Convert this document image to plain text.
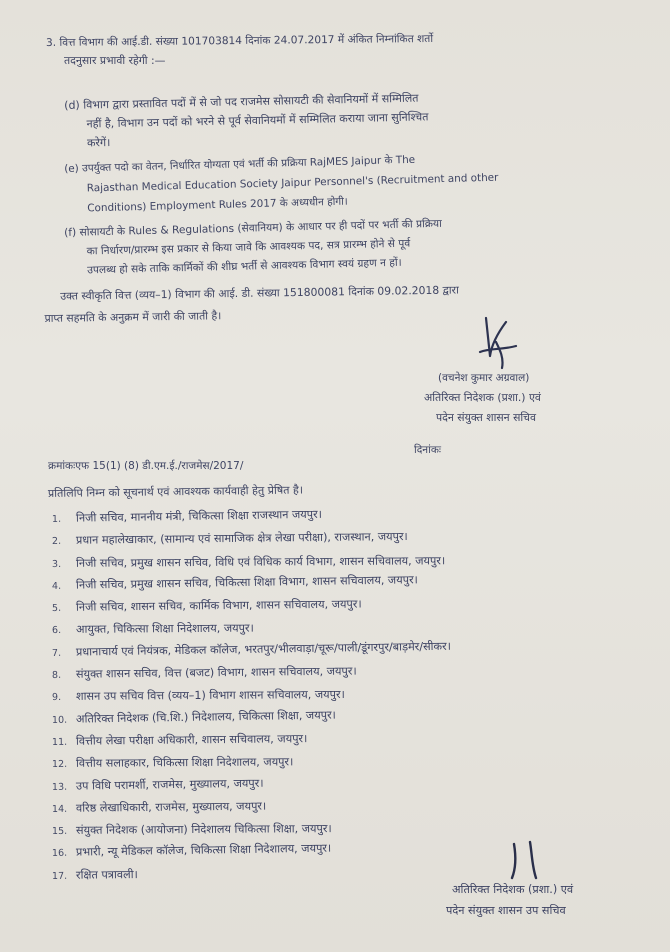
3. वित्त विभाग की आई.डी. संख्या 101703814 दिनांक 24.07.2017 में अंकित निम्नांकित शर्तो

तदनुसार प्रभावी रहेगी :—

(d) विभाग द्वारा प्रस्तावित पदों में से जो पद राजमेस सोसायटी की सेवानियमों में सम्मिलित

नहीं है, विभाग उन पदों को भरने से पूर्व सेवानियमों में सम्मिलित कराया जाना सुनिश्चित

करेगें।

(e) उपर्युक्त पदो का वेतन, निर्धारित योग्यता एवं भर्ती की प्रक्रिया RajMES Jaipur के The

Rajasthan Medical Education Society Jaipur Personnel's (Recruitment and other

Conditions) Employment Rules 2017 के अध्यधीन होगी।

(f) सोसायटी के Rules & Regulations (सेवानियम) के आधार पर ही पदों पर भर्ती की प्रक्रिया

का निर्धारण/प्रारम्भ इस प्रकार से किया जावे कि आवश्यक पद, सत्र प्रारम्भ होने से पूर्व

उपलब्ध हो सके ताकि कार्मिकों की शीघ्र भर्ती से आवश्यक विभाग स्वयं ग्रहण न हों।

उक्त स्वीकृति वित्त (व्यय–1) विभाग की आई. डी. संख्या 151800081 दिनांक 09.02.2018 द्वारा

प्राप्त सहमति के अनुक्रम में जारी की जाती है।

(वचनेश कुमार अग्रवाल)
अतिरिक्त निदेशक (प्रशा.) एवं
पदेन संयुक्त शासन सचिव
क्रमांकःएफ 15(1) (8) डी.एम.ई./राजमेस/2017/
दिनांकः
प्रतिलिपि निम्न को सूचनार्थ एवं आवश्यक कार्यवाही हेतु प्रेषित है।
1. निजी सचिव, माननीय मंत्री, चिकित्सा शिक्षा राजस्थान जयपुर।
2. प्रधान महालेखाकार, (सामान्य एवं सामाजिक क्षेत्र लेखा परीक्षा), राजस्थान, जयपुर।
3. निजी सचिव, प्रमुख शासन सचिव, विधि एवं विधिक कार्य विभाग, शासन सचिवालय, जयपुर।
4. निजी सचिव, प्रमुख शासन सचिव, चिकित्सा शिक्षा विभाग, शासन सचिवालय, जयपुर।
5. निजी सचिव, शासन सचिव, कार्मिक विभाग, शासन सचिवालय, जयपुर।
6. आयुक्त, चिकित्सा शिक्षा निदेशालय, जयपुर।
7. प्रधानाचार्य एवं नियंत्रक, मेडिकल कॉलेज, भरतपुर/भीलवाड़ा/चूरू/पाली/डूंगरपुर/बाड़मेर/सीकर।
8. संयुक्त शासन सचिव, वित्त (बजट) विभाग, शासन सचिवालय, जयपुर।
9. शासन उप सचिव वित्त (व्यय–1) विभाग शासन सचिवालय, जयपुर।
10. अतिरिक्त निदेशक (चि.शि.) निदेशालय, चिकित्सा शिक्षा, जयपुर।
11. वित्तीय लेखा परीक्षा अधिकारी, शासन सचिवालय, जयपुर।
12. वित्तीय सलाहकार, चिकित्सा शिक्षा निदेशालय, जयपुर।
13. उप विधि परामर्शी, राजमेस, मुख्यालय, जयपुर।
14. वरिष्ठ लेखाधिकारी, राजमेस, मुख्यालय, जयपुर।
15. संयुक्त निदेशक (आयोजना) निदेशालय चिकित्सा शिक्षा, जयपुर।
16. प्रभारी, न्यू मेडिकल कॉलेज, चिकित्सा शिक्षा निदेशालय, जयपुर।
17. रक्षित पत्रावली।
अतिरिक्त निदेशक (प्रशा.) एवं
पदेन संयुक्त शासन उप सचिव
